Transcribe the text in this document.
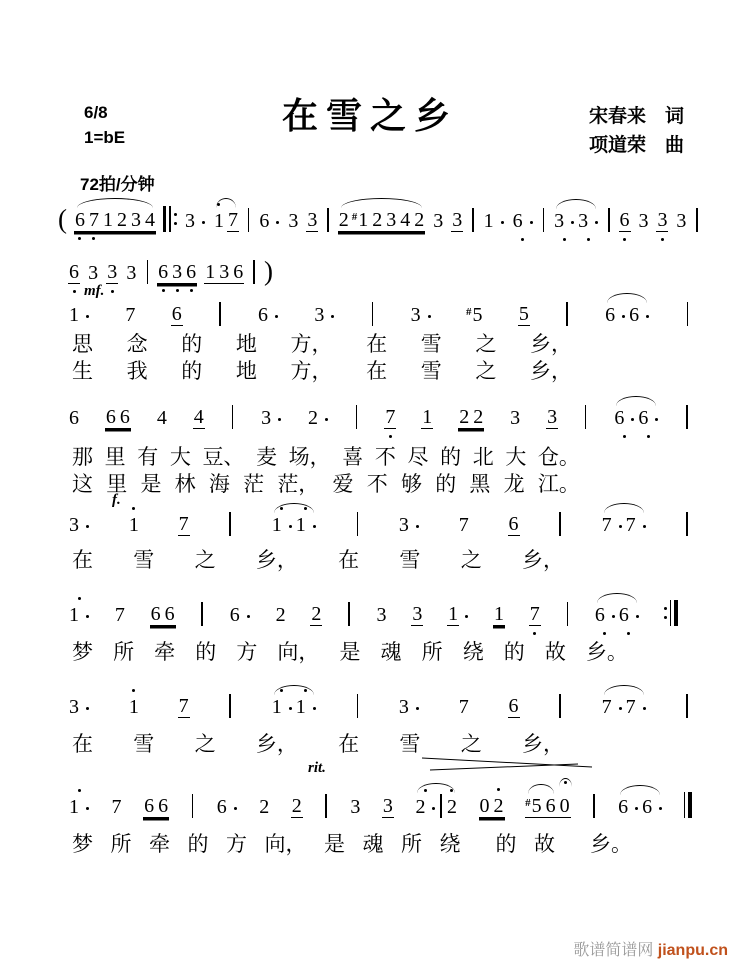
6/8
1=bE
在雪之乡	宋春来　词
项道荣　曲
72拍/分钟
( 6 7 1 2 3 4 3 1 7 6 3 3 2 # 1 2 3 4 2 3 3 1 6 3 3 6 3 3 3
6 3 3 3 6 3 6 1 3 6 )
1 7 6	6 3	3	# 5 5	6 6
mf.
思 念 的 地 方， 在 雪 之 乡，
生 我 的 地 方， 在 雪 之 乡，
6 6 6 4 4	3 2	7 1 2 2 3 3	6 6
那 里 有 大 豆、 麦 场， 喜 不 尽 的 北 大 仓。
这 里 是 林 海 茫 茫， 爱 不 够 的 黑 龙 江。
3 1 7	1 1	3 7 6	7 7
f.
在 雪 之 乡， 在 雪 之 乡，
1 7 6 6	6 2 2	3 3 1 1 7	6 6
梦 所 牵 的 方 向， 是 魂 所 绕 的 故 乡。
3 1 7	1 1	3 7 6	7 7
在 雪 之 乡， 在 雪 之 乡，
1 7 6 6 6 2 2 3 3 2 2 0 2 # 5 6 0 6 6
rit.
梦 所 牵 的 方 向， 是 魂 所 绕 的 故 乡。
歌谱简谱网 jianpu.cn
